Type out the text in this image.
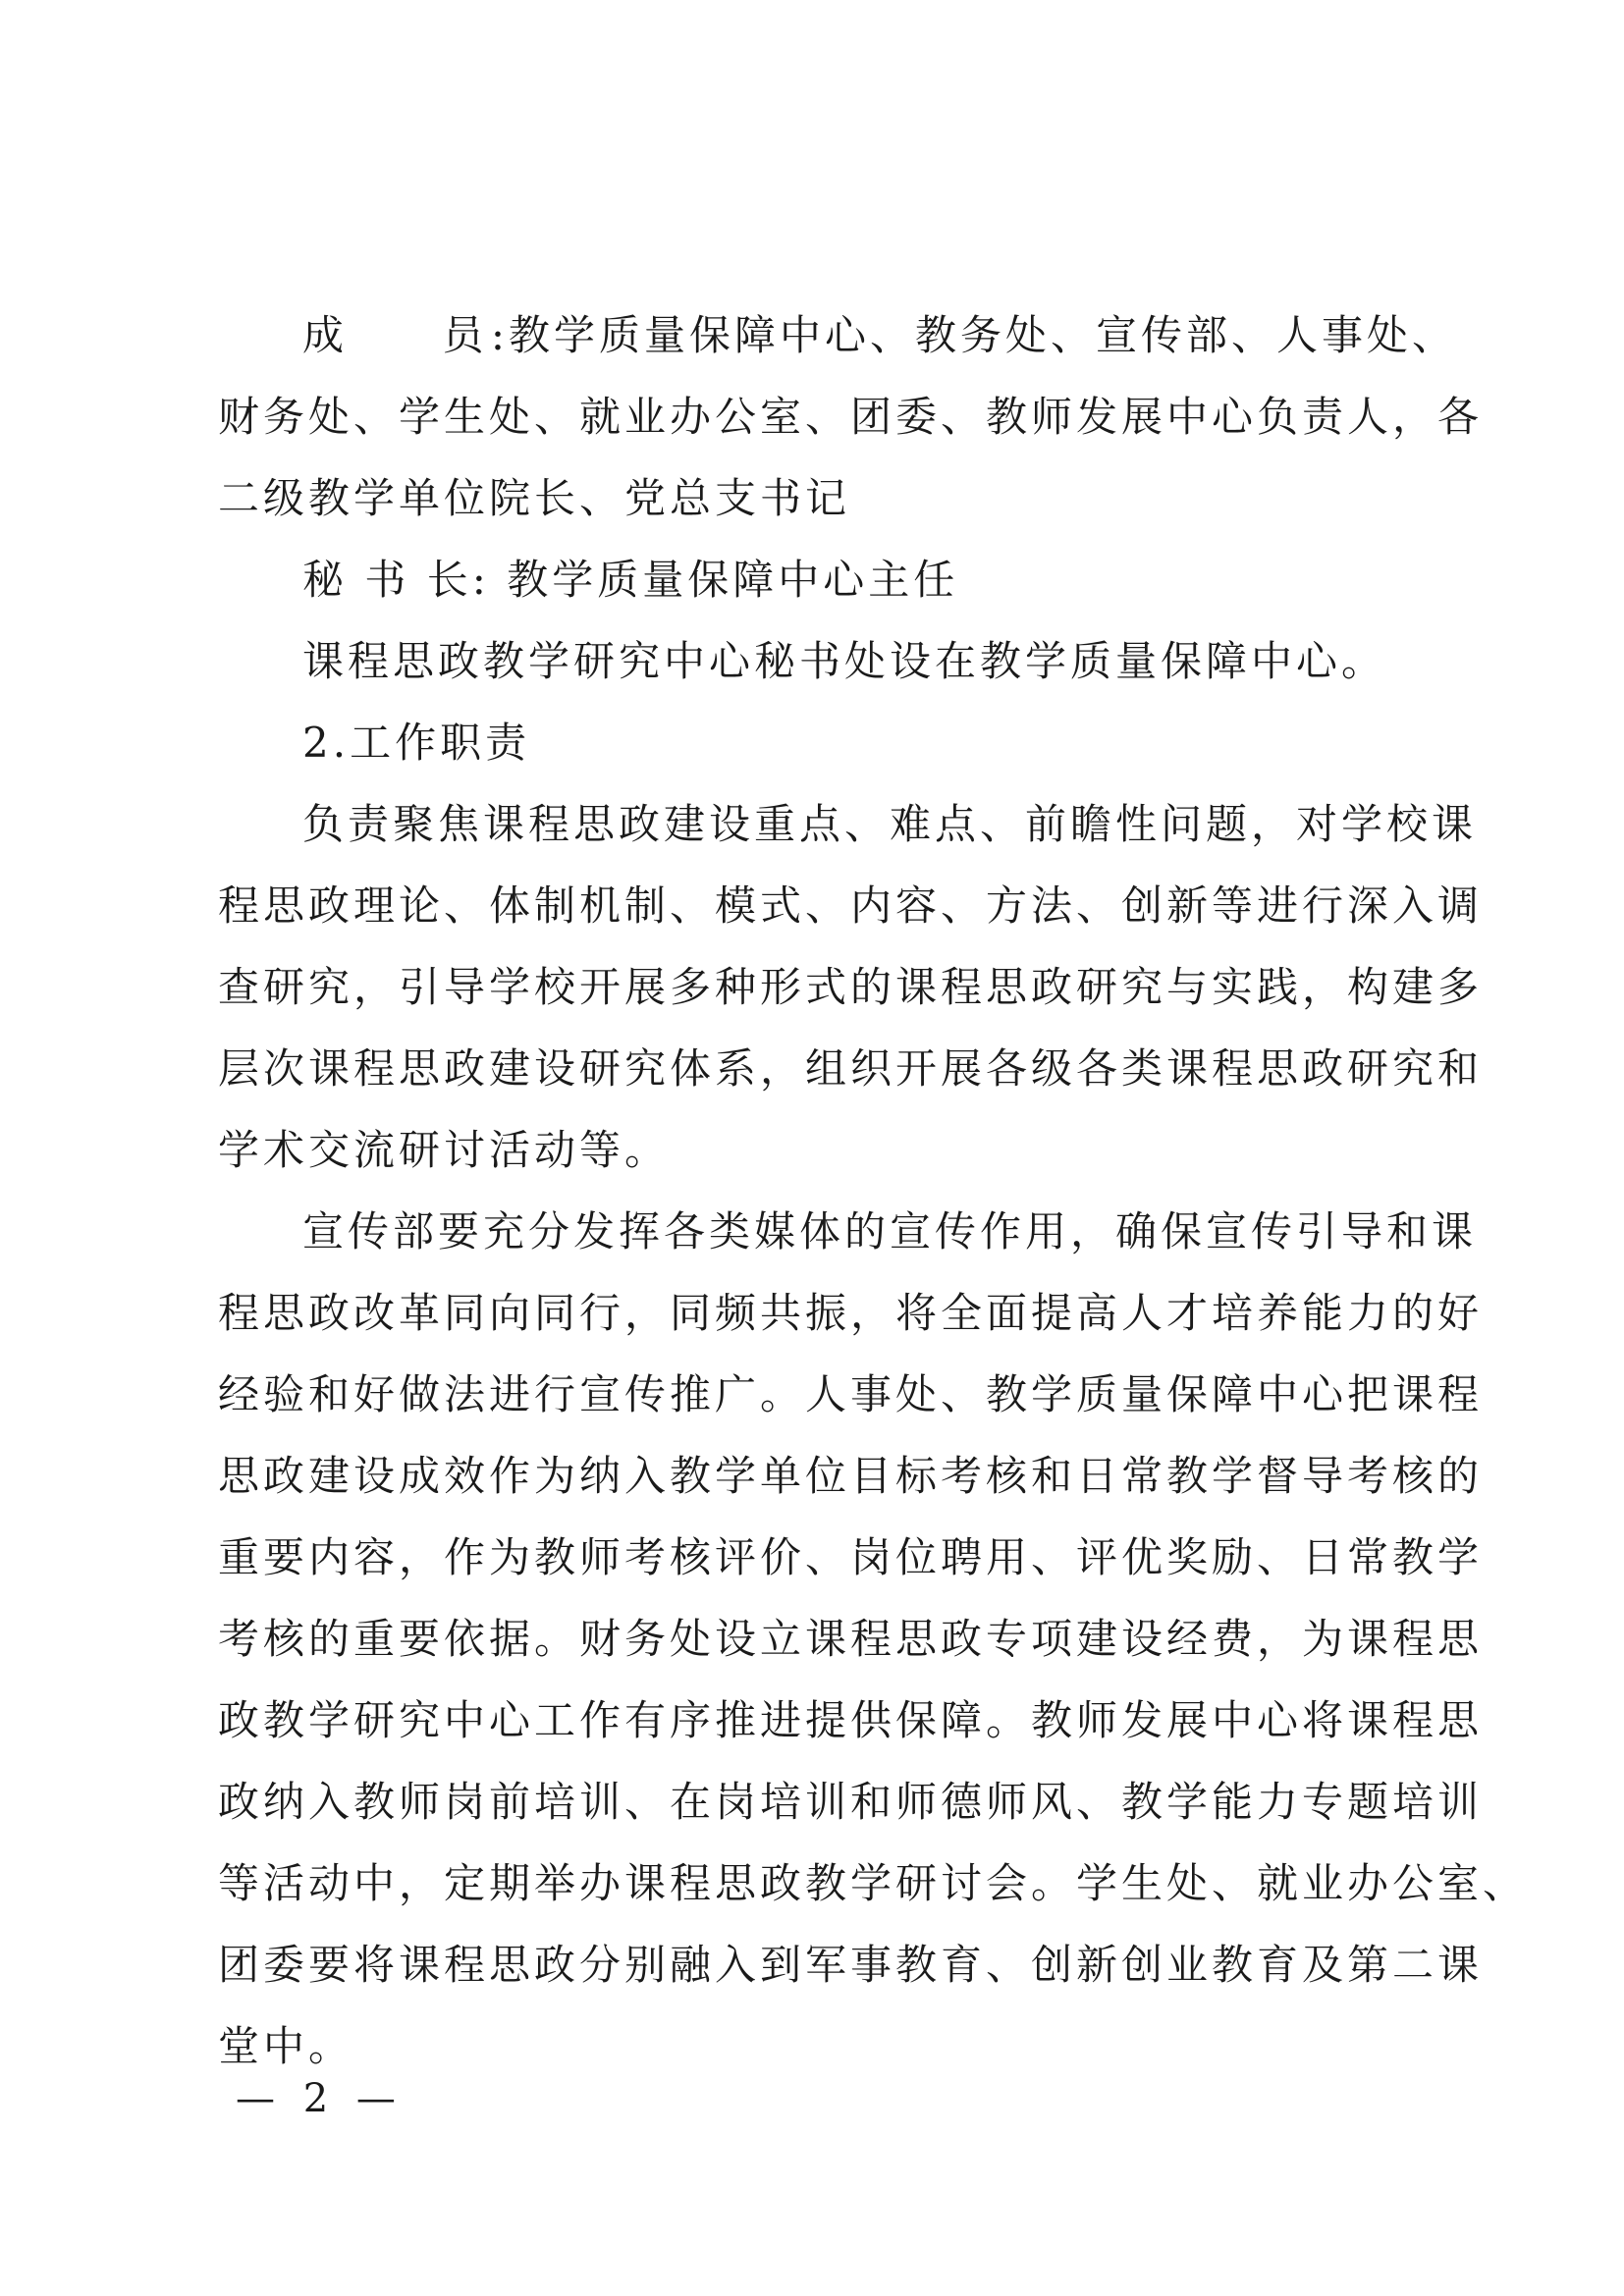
成 员:教学质量保障中心、教务处、宣传部、人事处、
财务处、学生处、就业办公室、团委、教师发展中心负责人，各
二级教学单位院长、党总支书记
秘 书 长: 教学质量保障中心主任
课程思政教学研究中心秘书处设在教学质量保障中心。
2.工作职责
负责聚焦课程思政建设重点、难点、前瞻性问题，对学校课
程思政理论、体制机制、模式、内容、方法、创新等进行深入调
查研究，引导学校开展多种形式的课程思政研究与实践，构建多
层次课程思政建设研究体系，组织开展各级各类课程思政研究和
学术交流研讨活动等。
宣传部要充分发挥各类媒体的宣传作用，确保宣传引导和课
程思政改革同向同行，同频共振，将全面提高人才培养能力的好
经验和好做法进行宣传推广。人事处、教学质量保障中心把课程
思政建设成效作为纳入教学单位目标考核和日常教学督导考核的
重要内容，作为教师考核评价、岗位聘用、评优奖励、日常教学
考核的重要依据。财务处设立课程思政专项建设经费，为课程思
政教学研究中心工作有序推进提供保障。教师发展中心将课程思
政纳入教师岗前培训、在岗培训和师德师风、教学能力专题培训
等活动中，定期举办课程思政教学研讨会。学生处、就业办公室、
团委要将课程思政分别融入到军事教育、创新创业教育及第二课
堂中。
— 2 —
